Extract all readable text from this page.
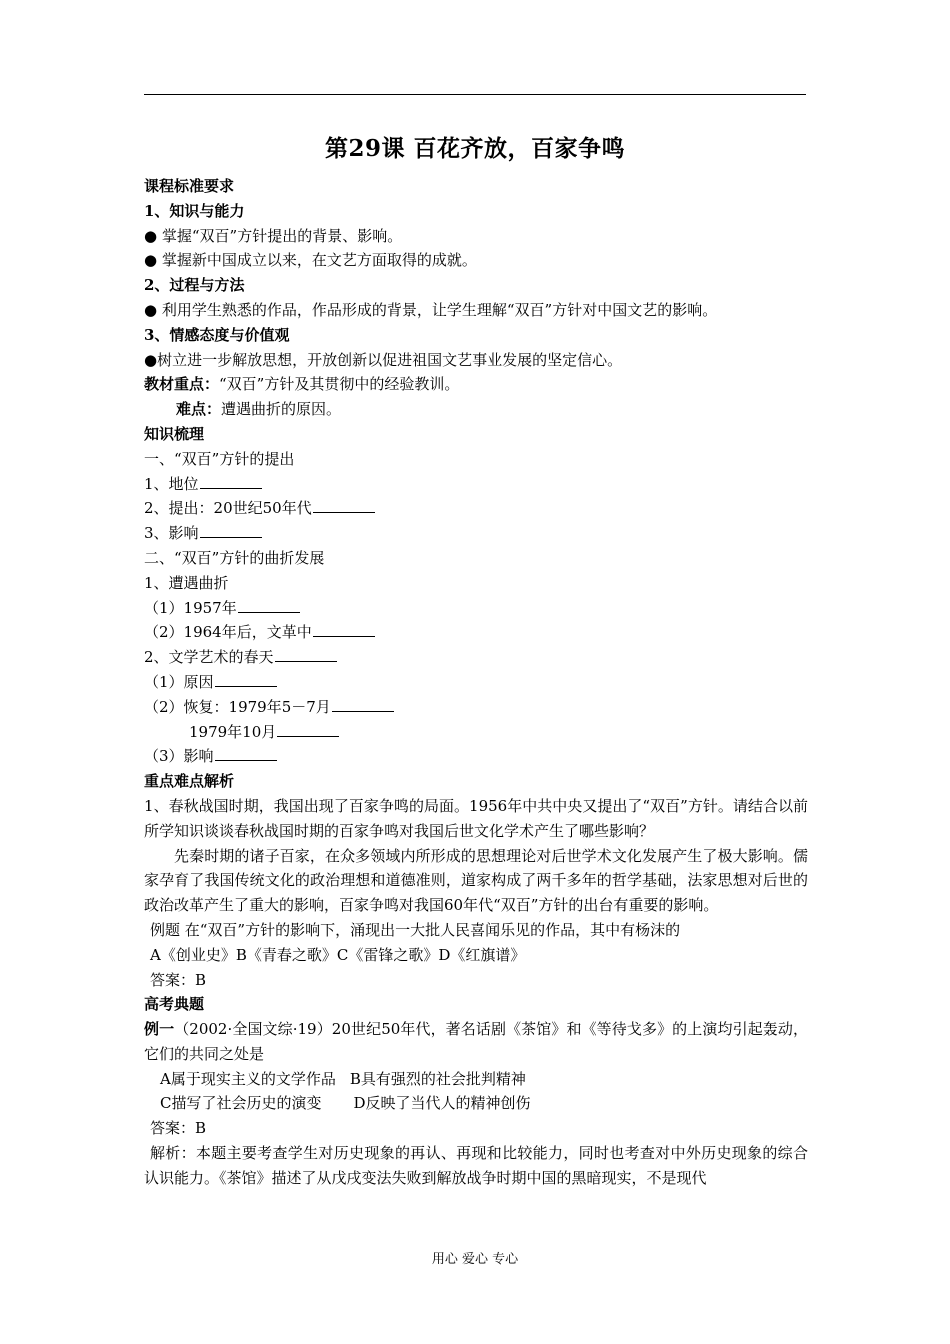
第29课 百花齐放，百家争鸣

课程标准要求

1、知识与能力

● 掌握“双百”方针提出的背景、影响。

● 掌握新中国成立以来，在文艺方面取得的成就。

2、过程与方法

● 利用学生熟悉的作品，作品形成的背景，让学生理解“双百”方针对中国文艺的影响。

3、情感态度与价值观

●树立进一步解放思想，开放创新以促进祖国文艺事业发展的坚定信心。

教材重点：“双百”方针及其贯彻中的经验教训。

难点：遭遇曲折的原因。

知识梳理

一、“双百”方针的提出

1、地位

2、提出：20世纪50年代

3、影响

二、“双百”方针的曲折发展

1、遭遇曲折

（1）1957年

（2）1964年后，文革中

2、文学艺术的春天

（1）原因

（2）恢复：1979年5－7月

1979年10月

（3）影响

重点难点解析

1、春秋战国时期，我国出现了百家争鸣的局面。1956年中共中央又提出了“双百”方针。请结合以前所学知识谈谈春秋战国时期的百家争鸣对我国后世文化学术产生了哪些影响？

先秦时期的诸子百家，在众多领域内所形成的思想理论对后世学术文化发展产生了极大影响。儒家孕育了我国传统文化的政治理想和道德准则，道家构成了两千多年的哲学基础，法家思想对后世的政治改革产生了重大的影响，百家争鸣对我国60年代“双百”方针的出台有重要的影响。

例题 在“双百”方针的影响下，涌现出一大批人民喜闻乐见的作品，其中有杨沫的

A《创业史》B《青春之歌》C《雷锋之歌》D《红旗谱》

答案：B

高考典题

例一（2002·全国文综·19）20世纪50年代，著名话剧《茶馆》和《等待戈多》的上演均引起轰动，它们的共同之处是

A属于现实主义的文学作品 B具有强烈的社会批判精神

C描写了社会历史的演变 D反映了当代人的精神创伤

答案：B

解析：本题主要考查学生对历史现象的再认、再现和比较能力，同时也考查对中外历史现象的综合认识能力。《茶馆》描述了从戊戌变法失败到解放战争时期中国的黑暗现实，不是现代

用心 爱心 专心
